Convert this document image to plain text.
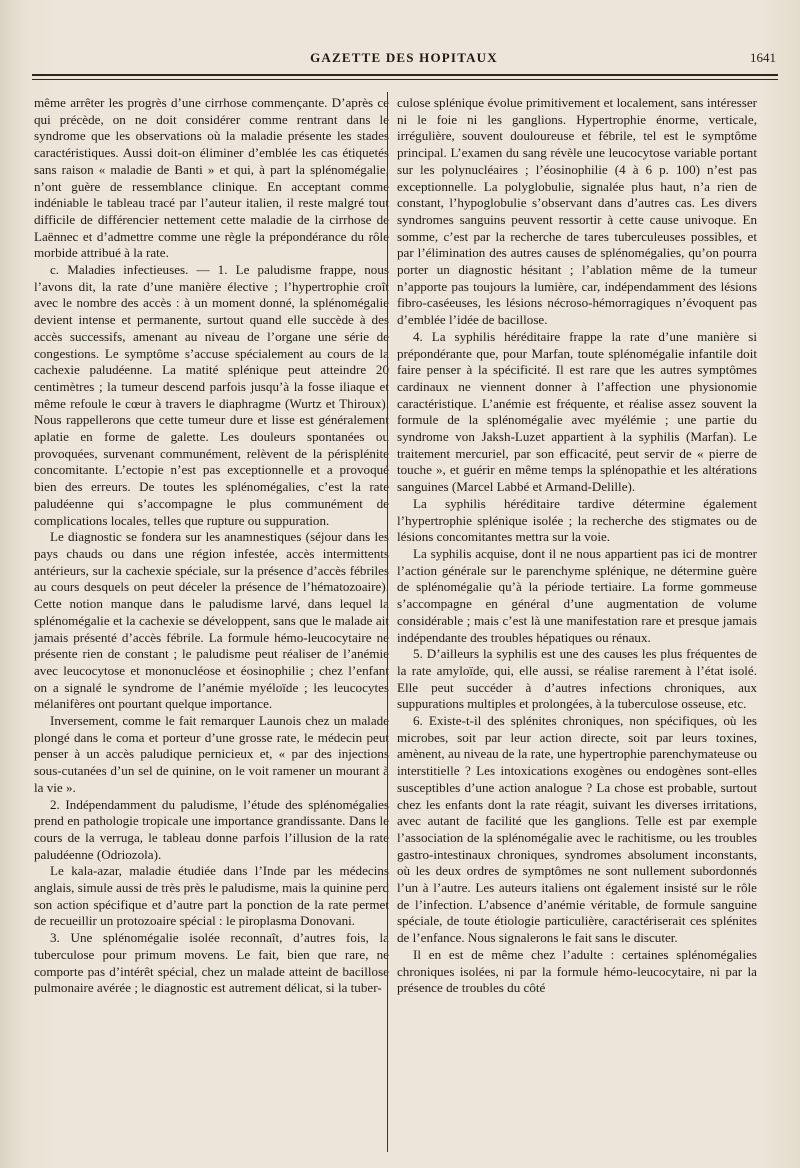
GAZETTE DES HOPITAUX	1641

même arrêter les progrès d’une cirrhose commençante. D’après ce qui précède, on ne doit considérer comme rentrant dans le syndrome que les observations où la maladie présente les stades caractéristiques. Aussi doit-on éliminer d’emblée les cas étiquetés sans raison « maladie de Banti » et qui, à part la splénomégalie, n’ont guère de ressemblance clinique. En acceptant comme indéniable le tableau tracé par l’auteur italien, il reste malgré tout difficile de différencier nettement cette maladie de la cirrhose de Laënnec et d’admettre comme une règle la prépondérance du rôle morbide attribué à la rate.

c. Maladies infectieuses. — 1. Le paludisme frappe, nous l’avons dit, la rate d’une manière élective ; l’hypertrophie croît avec le nombre des accès : à un moment donné, la splénomégalie devient intense et permanente, surtout quand elle succède à des accès successifs, amenant au niveau de l’organe une série de congestions. Le symptôme s’accuse spécialement au cours de la cachexie paludéenne. La matité splénique peut atteindre 20 centimètres ; la tumeur descend parfois jusqu’à la fosse iliaque et même refoule le cœur à travers le diaphragme (Wurtz et Thiroux). Nous rappellerons que cette tumeur dure et lisse est généralement aplatie en forme de galette. Les douleurs spontanées ou provoquées, survenant communément, relèvent de la périsplénite concomitante. L’ectopie n’est pas exceptionnelle et a provoqué bien des erreurs. De toutes les splénomégalies, c’est la rate paludéenne qui s’accompagne le plus communément de complications locales, telles que rupture ou suppuration.

Le diagnostic se fondera sur les anamnestiques (séjour dans les pays chauds ou dans une région infestée, accès intermittents antérieurs, sur la cachexie spéciale, sur la présence d’accès fébriles au cours desquels on peut déceler la présence de l’hématozoaire). Cette notion manque dans le paludisme larvé, dans lequel la splénomégalie et la cachexie se développent, sans que le malade ait jamais présenté d’accès fébrile. La formule hémo-leucocytaire ne présente rien de constant ; le paludisme peut réaliser de l’anémie avec leucocytose et mononucléose et éosinophilie ; chez l’enfant on a signalé le syndrome de l’anémie myéloïde ; les leucocytes mélanifères ont pourtant quelque importance.

Inversement, comme le fait remarquer Launois chez un malade plongé dans le coma et porteur d’une grosse rate, le médecin peut penser à un accès paludique pernicieux et, « par des injections sous-cutanées d’un sel de quinine, on le voit ramener un mourant à la vie ».

2. Indépendamment du paludisme, l’étude des splénomégalies prend en pathologie tropicale une importance grandissante. Dans le cours de la verruga, le tableau donne parfois l’illusion de la rate paludéenne (Odriozola).

Le kala-azar, maladie étudiée dans l’Inde par les médecins anglais, simule aussi de très près le paludisme, mais la quinine perd son action spécifique et d’autre part la ponction de la rate permet de recueillir un protozoaire spécial : le piroplasma Donovani.

3. Une splénomégalie isolée reconnaît, d’autres fois, la tuberculose pour primum movens. Le fait, bien que rare, ne comporte pas d’intérêt spécial, chez un malade atteint de bacillose pulmonaire avérée ; le diagnostic est autrement délicat, si la tuber-

culose splénique évolue primitivement et localement, sans intéresser ni le foie ni les ganglions. Hypertrophie énorme, verticale, irrégulière, souvent douloureuse et fébrile, tel est le symptôme principal. L’examen du sang révèle une leucocytose variable portant sur les polynucléaires ; l’éosinophilie (4 à 6 p. 100) n’est pas exceptionnelle. La polyglobulie, signalée plus haut, n’a rien de constant, l’hypoglobulie s’observant dans d’autres cas. Les divers syndromes sanguins peuvent ressortir à cette cause univoque. En somme, c’est par la recherche de tares tuberculeuses possibles, et par l’élimination des autres causes de splénomégalies, qu’on pourra porter un diagnostic hésitant ; l’ablation même de la tumeur n’apporte pas toujours la lumière, car, indépendamment des lésions fibro-caséeuses, les lésions nécroso-hémorragiques n’évoquent pas d’emblée l’idée de bacillose.

4. La syphilis héréditaire frappe la rate d’une manière si prépondérante que, pour Marfan, toute splénomégalie infantile doit faire penser à la spécificité. Il est rare que les autres symptômes cardinaux ne viennent donner à l’affection une physionomie caractéristique. L’anémie est fréquente, et réalise assez souvent la formule de la splénomégalie avec myélémie ; une partie du syndrome von Jaksh-Luzet appartient à la syphilis (Marfan). Le traitement mercuriel, par son efficacité, peut servir de « pierre de touche », et guérir en même temps la splénopathie et les altérations sanguines (Marcel Labbé et Armand-Delille).

La syphilis héréditaire tardive détermine également l’hypertrophie splénique isolée ; la recherche des stigmates ou de lésions concomitantes mettra sur la voie.

La syphilis acquise, dont il ne nous appartient pas ici de montrer l’action générale sur le parenchyme splénique, ne détermine guère de splénomégalie qu’à la période tertiaire. La forme gommeuse s’accompagne en général d’une augmentation de volume considérable ; mais c’est là une manifestation rare et presque jamais indépendante des troubles hépatiques ou rénaux.

5. D’ailleurs la syphilis est une des causes les plus fréquentes de la rate amyloïde, qui, elle aussi, se réalise rarement à l’état isolé. Elle peut succéder à d’autres infections chroniques, aux suppurations multiples et prolongées, à la tuberculose osseuse, etc.

6. Existe-t-il des splénites chroniques, non spécifiques, où les microbes, soit par leur action directe, soit par leurs toxines, amènent, au niveau de la rate, une hypertrophie parenchymateuse ou interstitielle ? Les intoxications exogènes ou endogènes sont-elles susceptibles d’une action analogue ? La chose est probable, surtout chez les enfants dont la rate réagit, suivant les diverses irritations, avec autant de facilité que les ganglions. Telle est par exemple l’association de la splénomégalie avec le rachitisme, ou les troubles gastro-intestinaux chroniques, syndromes absolument inconstants, où les deux ordres de symptômes ne sont nullement subordonnés l’un à l’autre. Les auteurs italiens ont également insisté sur le rôle de l’infection. L’absence d’anémie véritable, de formule sanguine spéciale, de toute étiologie particulière, caractériserait ces splénites de l’enfance. Nous signalerons le fait sans le discuter.

Il en est de même chez l’adulte : certaines splénomégalies chroniques isolées, ni par la formule hémo-leucocytaire, ni par la présence de troubles du côté
